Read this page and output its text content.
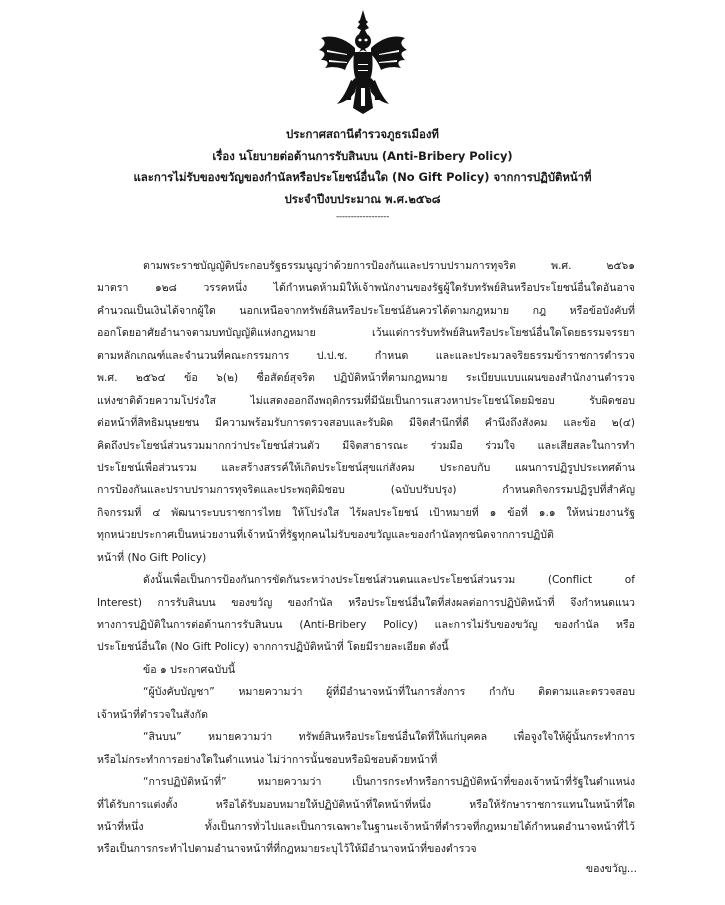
ประกาศสถานีตำรวจภูธรเมืองที
เรื่อง นโยบายต่อต้านการรับสินบน (Anti-Bribery Policy)
และการไม่รับของขวัญของกำนัลหรือประโยชน์อื่นใด (No Gift Policy) จากการปฏิบัติหน้าที่
ประจำปีงบประมาณ พ.ศ.๒๕๖๘
------------------
ตามพระราชบัญญัติประกอบรัฐธรรมนูญว่าด้วยการป้องกันและปราบปรามการทุจริต พ.ศ. ๒๕๖๑
มาตรา ๑๒๘ วรรคหนึ่ง ได้กำหนดห้ามมิให้เจ้าพนักงานของรัฐผู้ใดรับทรัพย์สินหรือประโยชน์อื่นใดอันอาจ
คำนวณเป็นเงินได้จากผู้ใด นอกเหนือจากทรัพย์สินหรือประโยชน์อันควรได้ตามกฎหมาย กฎ หรือข้อบังคับที่
ออกโดยอาศัยอำนาจตามบทบัญญัติแห่งกฎหมาย เว้นแต่การรับทรัพย์สินหรือประโยชน์อื่นใดโดยธรรมจรรยา
ตามหลักเกณฑ์และจำนวนที่คณะกรรมการ ป.ป.ช. กำหนด และและประมวลจริยธรรมข้าราชการตำรวจ
พ.ศ. ๒๕๖๔ ข้อ ๖(๒) ซื่อสัตย์สุจริต ปฏิบัติหน้าที่ตามกฎหมาย ระเบียบแบบแผนของสำนักงานตำรวจ
แห่งชาติด้วยความโปร่งใส ไม่แสดงออกถึงพฤติกรรมที่มีนัยเป็นการแสวงหาประโยชน์โดยมิชอบ รับผิดชอบ
ต่อหน้าที่สิทธิมนุษยชน มีความพร้อมรับการตรวจสอบและรับผิด มีจิตสำนึกที่ดี คำนึงถึงสังคม และข้อ ๒(๔)
คิดถึงประโยชน์ส่วนรวมมากกว่าประโยชน์ส่วนตัว มีจิตสาธารณะ ร่วมมือ ร่วมใจ และเสียสละในการทำ
ประโยชน์เพื่อส่วนรวม และสร้างสรรค์ให้เกิดประโยชน์สุขแก่สังคม ประกอบกับ แผนการปฏิรูปประเทศด้าน
การป้องกันและปราบปรามการทุจริตและประพฤติมิชอบ (ฉบับปรับปรุง) กำหนดกิจกรรมปฏิรูปที่สำคัญ
กิจกรรมที่ ๔ พัฒนาระบบราชการไทย ให้โปร่งใส ไร้ผลประโยชน์ เป้าหมายที่ ๑ ข้อที่ ๑.๑ ให้หน่วยงานรัฐ
ทุกหน่วยประกาศเป็นหน่วยงานที่เจ้าหน้าที่รัฐทุกคนไม่รับของขวัญและของกำนัลทุกชนิดจากการปฏิบัติ
หน้าที่ (No Gift Policy)
ดังนั้นเพื่อเป็นการป้องกันการขัดกันระหว่างประโยชน์ส่วนตนและประโยชน์ส่วนรวม (Conflict of
Interest) การรับสินบน ของขวัญ ของกำนัล หรือประโยชน์อื่นใดที่ส่งผลต่อการปฏิบัติหน้าที่ จึงกำหนดแนว
ทางการปฏิบัติในการต่อต้านการรับสินบน (Anti-Bribery Policy) และการไม่รับของขวัญ ของกำนัล หรือ
ประโยชน์อื่นใด (No Gift Policy) จากการปฏิบัติหน้าที่ โดยมีรายละเอียด ดังนี้
ข้อ ๑ ประกาศฉบับนี้
“ผู้บังคับบัญชา” หมายความว่า ผู้ที่มีอำนาจหน้าที่ในการสั่งการ กำกับ ติดตามและตรวจสอบ
เจ้าหน้าที่ตำรวจในสังกัด
“สินบน” หมายความว่า ทรัพย์สินหรือประโยชน์อื่นใดที่ให้แก่บุคคล เพื่อจูงใจให้ผู้นั้นกระทำการ
หรือไม่กระทำการอย่างใดในตำแหน่ง ไม่ว่าการนั้นชอบหรือมิชอบด้วยหน้าที่
“การปฏิบัติหน้าที่” หมายความว่า เป็นการกระทำหรือการปฏิบัติหน้าที่ของเจ้าหน้าที่รัฐในตำแหน่ง
ที่ได้รับการแต่งตั้ง หรือได้รับมอบหมายให้ปฏิบัติหน้าที่ใดหน้าที่หนึ่ง หรือให้รักษาราชการแทนในหน้าที่ใด
หน้าที่หนึ่ง ทั้งเป็นการทั่วไปและเป็นการเฉพาะในฐานะเจ้าหน้าที่ตำรวจที่กฎหมายได้กำหนดอำนาจหน้าที่ไว้
หรือเป็นการกระทำไปตามอำนาจหน้าที่ที่กฎหมายระบุไว้ให้มีอำนาจหน้าที่ของตำรวจ
ของขวัญ...
